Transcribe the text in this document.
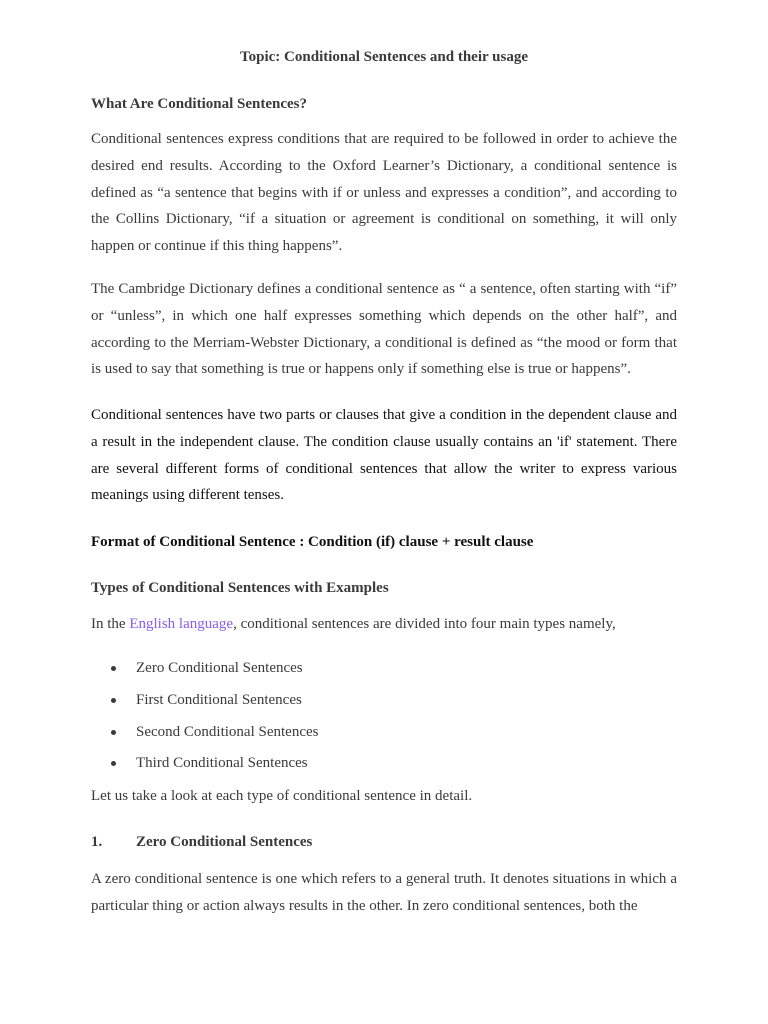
Topic: Conditional Sentences and their usage
What Are Conditional Sentences?
Conditional sentences express conditions that are required to be followed in order to achieve the desired end results. According to the Oxford Learner’s Dictionary, a conditional sentence is defined as “a sentence that begins with if or unless and expresses a condition”, and according to the Collins Dictionary, “if a situation or agreement is conditional on something, it will only happen or continue if this thing happens”.
The Cambridge Dictionary defines a conditional sentence as “ a sentence, often starting with “if” or “unless”, in which one half expresses something which depends on the other half”, and according to the Merriam-Webster Dictionary, a conditional is defined as “the mood or form that is used to say that something is true or happens only if something else is true or happens”.
Conditional sentences have two parts or clauses that give a condition in the dependent clause and a result in the independent clause. The condition clause usually contains an 'if' statement. There are several different forms of conditional sentences that allow the writer to express various meanings using different tenses.
Format of Conditional Sentence : Condition (if) clause + result clause
Types of Conditional Sentences with Examples
In the English language, conditional sentences are divided into four main types namely,
Zero Conditional Sentences
First Conditional Sentences
Second Conditional Sentences
Third Conditional Sentences
Let us take a look at each type of conditional sentence in detail.
1. Zero Conditional Sentences
A zero conditional sentence is one which refers to a general truth. It denotes situations in which a particular thing or action always results in the other. In zero conditional sentences, both the
